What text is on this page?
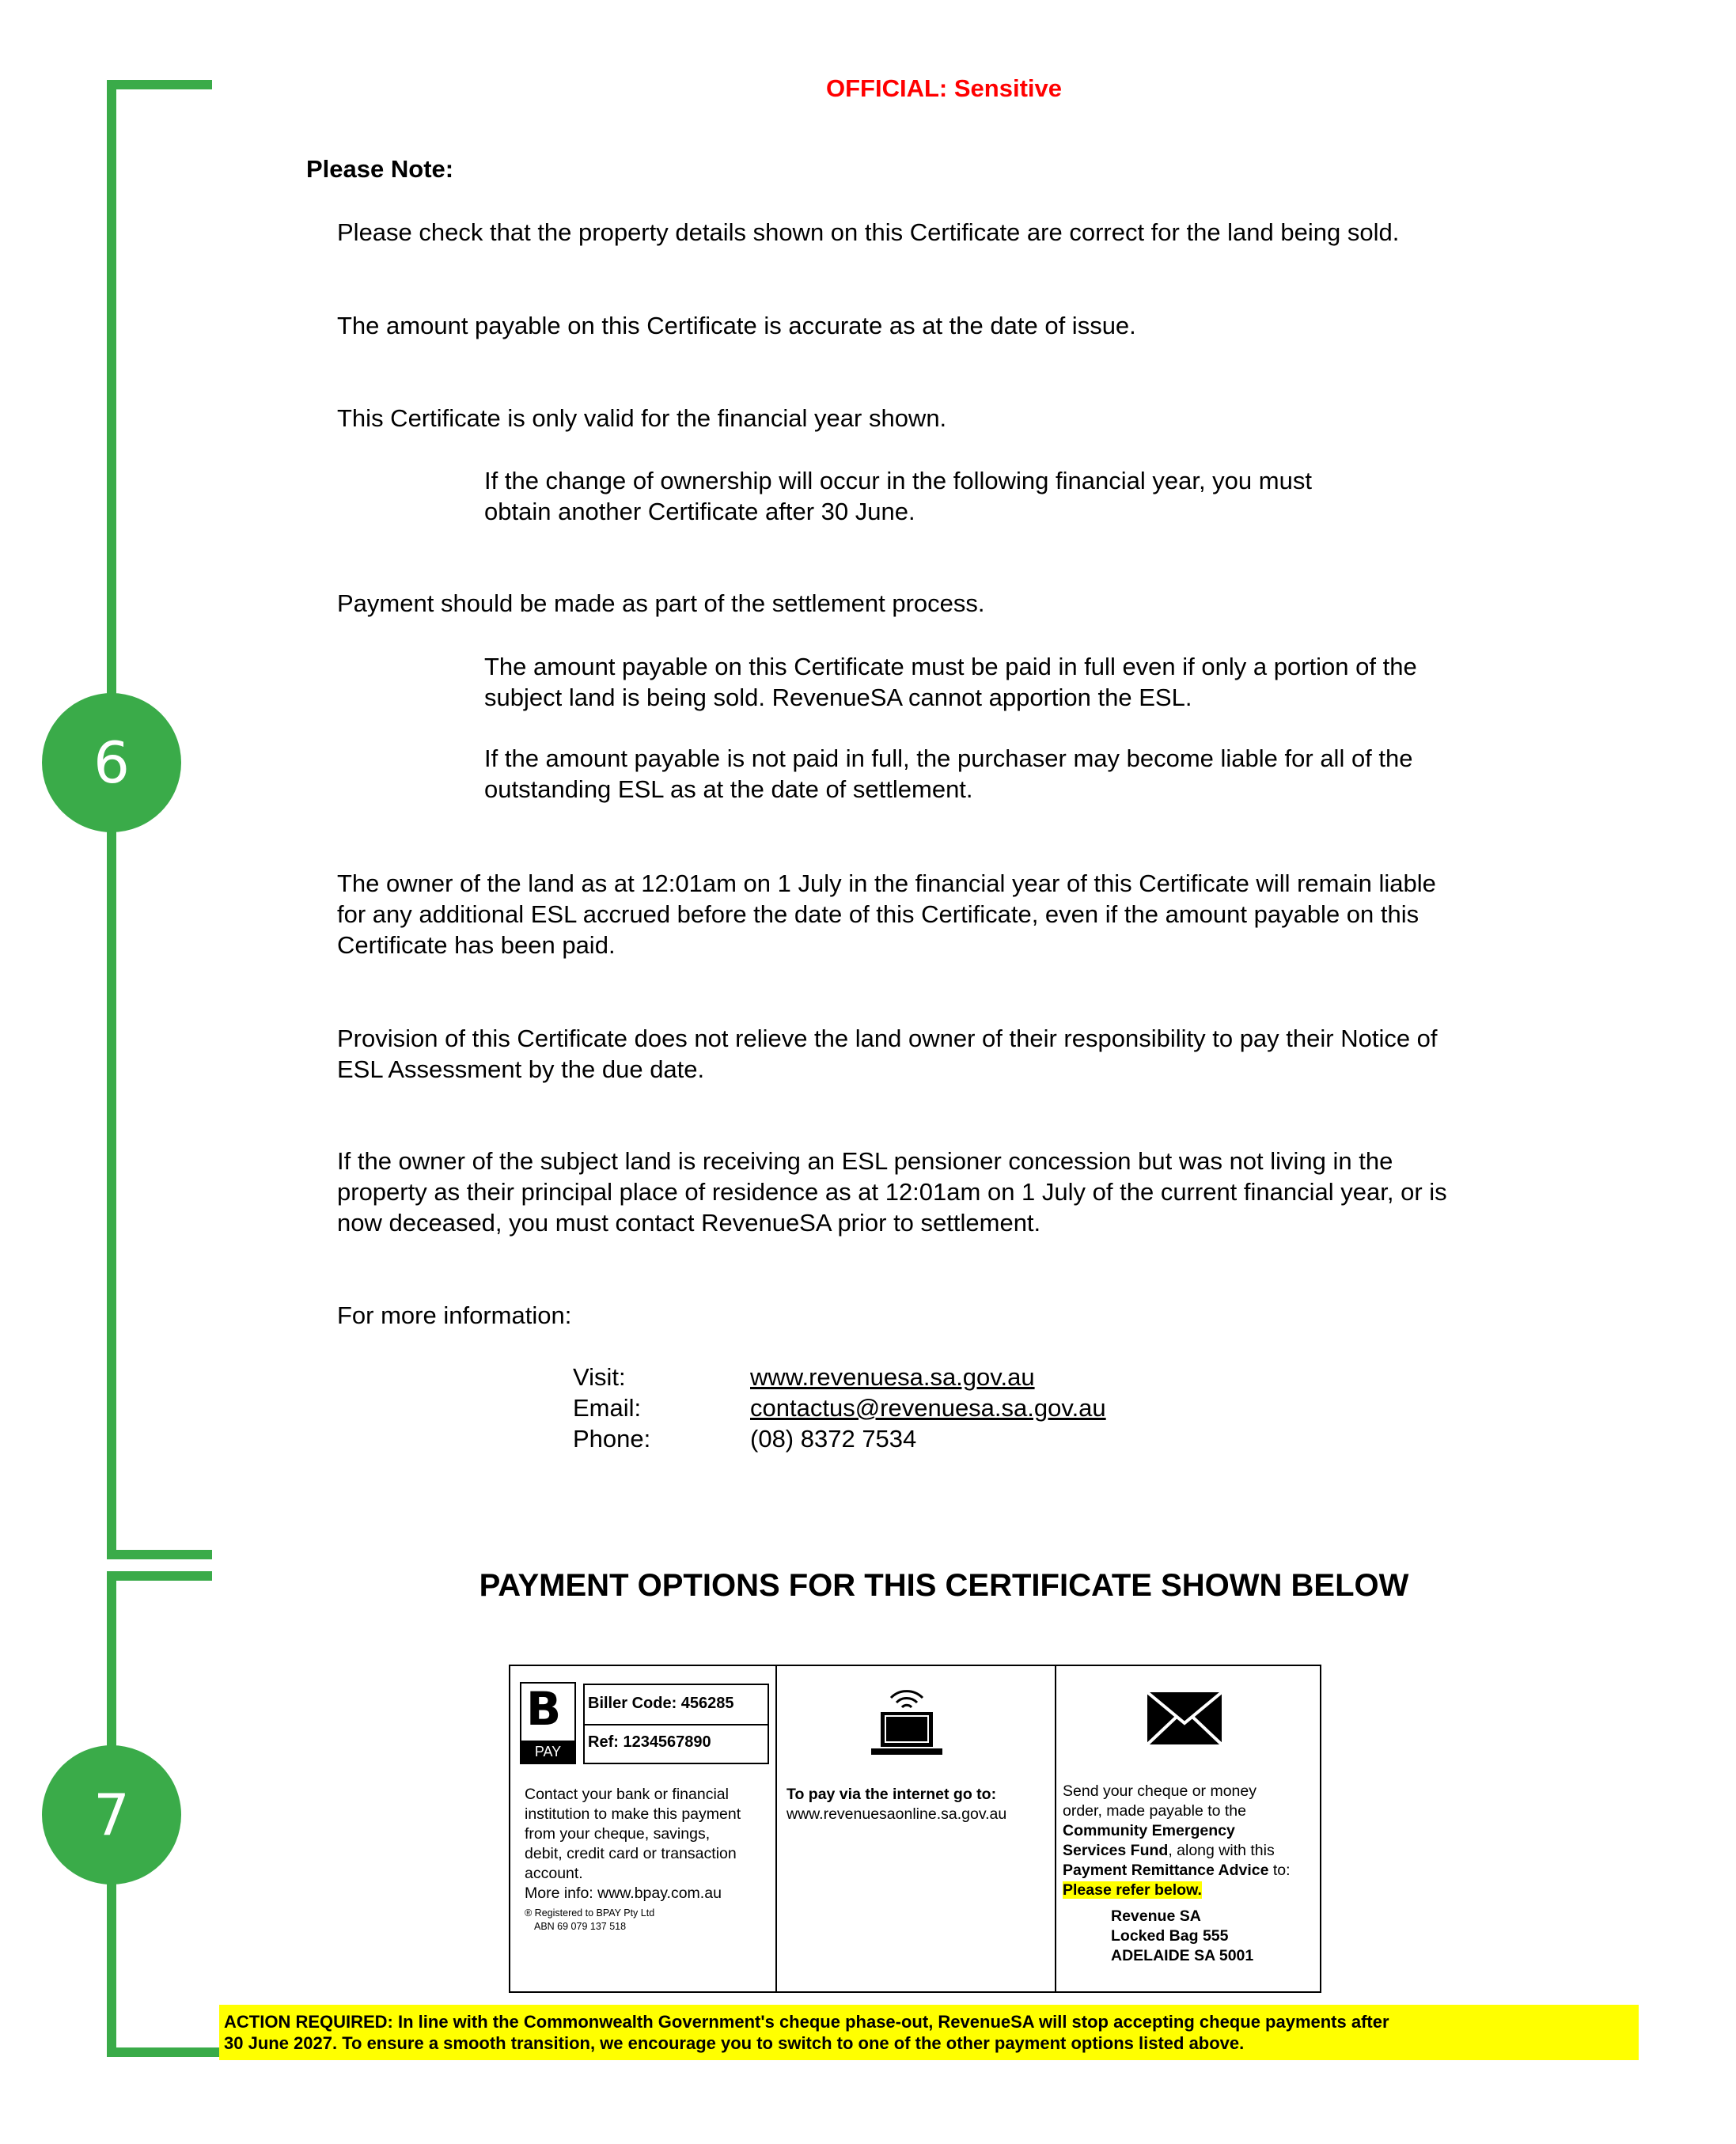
6
7
OFFICIAL: Sensitive
Please Note:
Please check that the property details shown on this Certificate are correct for the land being sold.
The amount payable on this Certificate is accurate as at the date of issue.
This Certificate is only valid for the financial year shown.
If the change of ownership will occur in the following financial year, you must
obtain another Certificate after 30 June.
Payment should be made as part of the settlement process.
The amount payable on this Certificate must be paid in full even if only a portion of the
subject land is being sold. RevenueSA cannot apportion the ESL.
If the amount payable is not paid in full, the purchaser may become liable for all of the
outstanding ESL as at the date of settlement.
The owner of the land as at 12:01am on 1 July in the financial year of this Certificate will remain liable
for any additional ESL accrued before the date of this Certificate, even if the amount payable on this
Certificate has been paid.
Provision of this Certificate does not relieve the land owner of their responsibility to pay their Notice of
ESL Assessment by the due date.
If the owner of the subject land is receiving an ESL pensioner concession but was not living in the
property as their principal place of residence as at 12:01am on 1 July of the current financial year, or is
now deceased, you must contact RevenueSA prior to settlement.
For more information:
Visit:	www.revenuesa.sa.gov.au
Email:	contactus@revenuesa.sa.gov.au
Phone:	(08) 8372 7534
PAYMENT OPTIONS FOR THIS CERTIFICATE SHOWN BELOW
B
PAY
Biller Code: 456285
Ref: 1234567890
Contact your bank or financial
institution to make this payment
from your cheque, savings,
debit, credit card or transaction
account.
More info: www.bpay.com.au
® Registered to BPAY Pty Ltd
ABN 69 079 137 518
To pay via the internet go to:
www.revenuesaonline.sa.gov.au
Send your cheque or money
order, made payable to the
Community Emergency
Services Fund, along with this
Payment Remittance Advice to:
Please refer below.
Revenue SA
Locked Bag 555
ADELAIDE SA 5001
ACTION REQUIRED: In line with the Commonwealth Government's cheque phase-out, RevenueSA will stop accepting cheque payments after
30 June 2027. To ensure a smooth transition, we encourage you to switch to one of the other payment options listed above.
